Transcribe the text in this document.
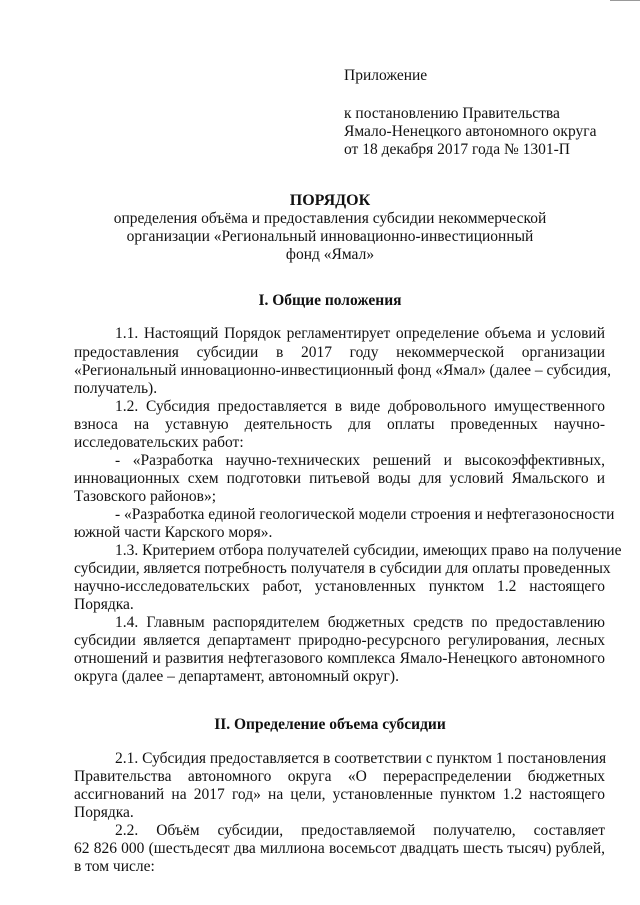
Приложение
к постановлению Правительства
Ямало-Ненецкого автономного округа
от 18 декабря 2017 года № 1301-П
ПОРЯДОК
определения объёма и предоставления субсидии некоммерческой
организации «Региональный инновационно-инвестиционный
фонд «Ямал»
I. Общие положения
1.1. Настоящий Порядок регламентирует определение объема и условий
предоставления субсидии в 2017 году некоммерческой организации
«Региональный инновационно-инвестиционный фонд «Ямал» (далее – субсидия,
получатель).
1.2. Субсидия предоставляется в виде добровольного имущественного
взноса на уставную деятельность для оплаты проведенных научно-
исследовательских работ:
- «Разработка научно-технических решений и высокоэффективных,
инновационных схем подготовки питьевой воды для условий Ямальского и
Тазовского районов»;
- «Разработка единой геологической модели строения и нефтегазоносности
южной части Карского моря».
1.3. Критерием отбора получателей субсидии, имеющих право на получение
субсидии, является потребность получателя в субсидии для оплаты проведенных
научно-исследовательских работ, установленных пунктом 1.2 настоящего
Порядка.
1.4. Главным распорядителем бюджетных средств по предоставлению
субсидии является департамент природно-ресурсного регулирования, лесных
отношений и развития нефтегазового комплекса Ямало-Ненецкого автономного
округа (далее – департамент, автономный округ).
II. Определение объема субсидии
2.1. Субсидия предоставляется в соответствии с пунктом 1 постановления
Правительства автономного округа «О перераспределении бюджетных
ассигнований на 2017 год» на цели, установленные пунктом 1.2 настоящего
Порядка.
2.2. Объём субсидии, предоставляемой получателю, составляет
62 826 000 (шестьдесят два миллиона восемьсот двадцать шесть тысяч) рублей,
в том числе:
